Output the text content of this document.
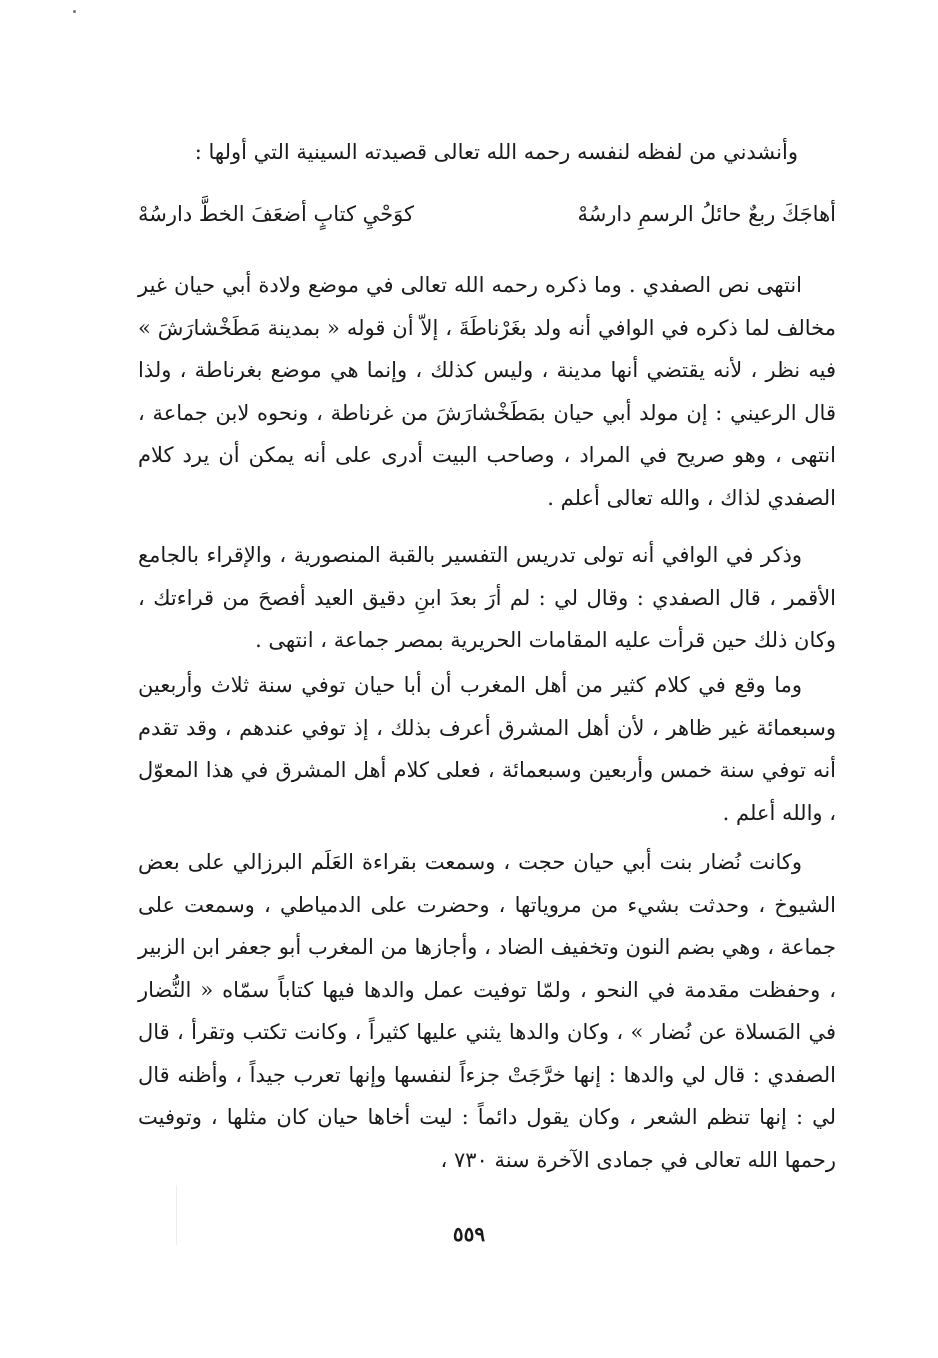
وأنشدني من لفظه لنفسه رحمه الله تعالى قصيدته السينية التي أولها :
أهاجَكَ ربعٌ حائلُ الرسمِ دارسُهْ
كوَحْيِ كتابٍ أضعَفَ الخطَّ دارسُهْ

انتهى نص الصفدي . وما ذكره رحمه الله تعالى في موضع ولادة أبي حيان غير مخالف لما ذكره في الوافي أنه ولد بغَرْناطَةَ ، إلاّ أن قوله « بمدينة مَطَخْشارَشَ » فيه نظر ، لأنه يقتضي أنها مدينة ، وليس كذلك ، وإنما هي موضع بغرناطة ، ولذا قال الرعيني : إن مولد أبي حيان بمَطَخْشارَشَ من غرناطة ، ونحوه لابن جماعة ، انتهى ، وهو صريح في المراد ، وصاحب البيت أدرى على أنه يمكن أن يرد كلام الصفدي لذاك ، والله تعالى أعلم .

وذكر في الوافي أنه تولى تدريس التفسير بالقبة المنصورية ، والإقراء بالجامع الأقمر ، قال الصفدي : وقال لي : لم أرَ بعدَ ابنِ دقيق العيد أفصحَ من قراءتك ، وكان ذلك حين قرأت عليه المقامات الحريرية بمصر جماعة ، انتهى .

وما وقع في كلام كثير من أهل المغرب أن أبا حيان توفي سنة ثلاث وأربعين وسبعمائة غير ظاهر ، لأن أهل المشرق أعرف بذلك ، إذ توفي عندهم ، وقد تقدم أنه توفي سنة خمس وأربعين وسبعمائة ، فعلى كلام أهل المشرق في هذا المعوّل ، والله أعلم .

وكانت نُضار بنت أبي حيان حجت ، وسمعت بقراءة العَلَم البرزالي على بعض الشيوخ ، وحدثت بشيء من مروياتها ، وحضرت على الدمياطي ، وسمعت على جماعة ، وهي بضم النون وتخفيف الضاد ، وأجازها من المغرب أبو جعفر ابن الزبير ، وحفظت مقدمة في النحو ، ولمّا توفيت عمل والدها فيها كتاباً سمّاه « النُّضار في المَسلاة عن نُضار » ، وكان والدها يثني عليها كثيراً ، وكانت تكتب وتقرأ ، قال الصفدي : قال لي والدها : إنها خرَّجَتْ جزءاً لنفسها وإنها تعرب جيداً ، وأظنه قال لي : إنها تنظم الشعر ، وكان يقول دائماً : ليت أخاها حيان كان مثلها ، وتوفيت رحمها الله تعالى في جمادى الآخرة سنة ٧٣٠ ،

٥٥٩
